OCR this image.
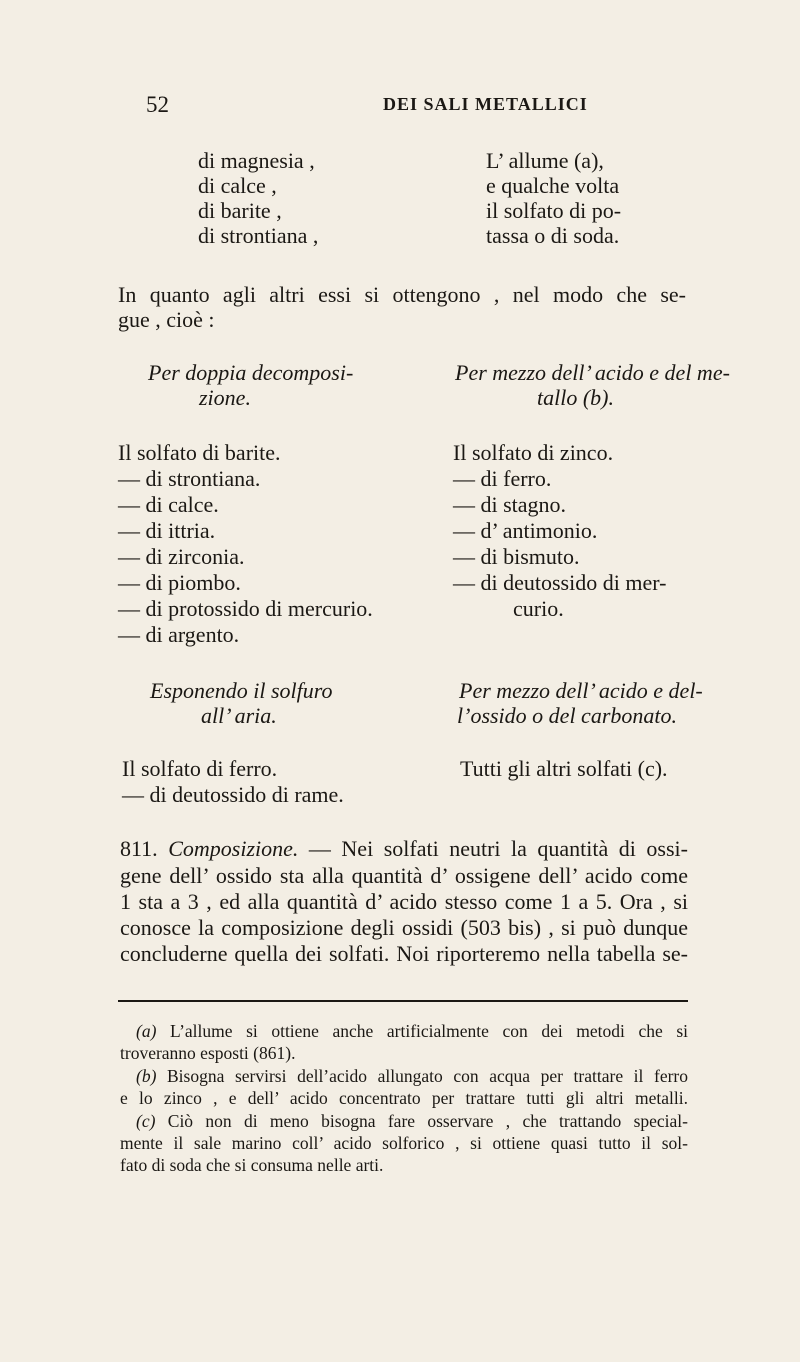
52	DEI SALI METALLICI
di magnesia ,
di calce ,
di barite ,
di strontiana ,
L’ allume (a),
e qualche volta
il solfato di po-
tassa o di soda.
In quanto agli altri essi si ottengono , nel modo che se-
gue , cioè :
Per doppia decomposi-
zione.
Per mezzo dell’ acido e del me-
tallo (b).
Il solfato di barite.
— di strontiana.
— di calce.
— di ittria.
— di zirconia.
— di piombo.
— di protossido di mercurio.
— di argento.
Il solfato di zinco.
— di ferro.
— di stagno.
— d’ antimonio.
— di bismuto.
— di deutossido di mer-
curio.
Esponendo il solfuro
all’ aria.
Per mezzo dell’ acido e del-
l’ossido o del carbonato.
Il solfato di ferro.
— di deutossido di rame.
Tutti gli altri solfati (c).
811. Composizione. — Nei solfati neutri la quantità di ossi-
gene dell’ ossido sta alla quantità d’ ossigene dell’ acido come
1 sta a 3 , ed alla quantità d’ acido stesso come 1 a 5. Ora , si
conosce la composizione degli ossidi (503 bis) , si può dunque
concluderne quella dei solfati. Noi riporteremo nella tabella se-
(a) L’allume si ottiene anche artificialmente con dei metodi che si
troveranno esposti (861).
(b) Bisogna servirsi dell’acido allungato con acqua per trattare il ferro
e lo zinco , e dell’ acido concentrato per trattare tutti gli altri metalli.
(c) Ciò non di meno bisogna fare osservare , che trattando special-
mente il sale marino coll’ acido solforico , si ottiene quasi tutto il sol-
fato di soda che si consuma nelle arti.
